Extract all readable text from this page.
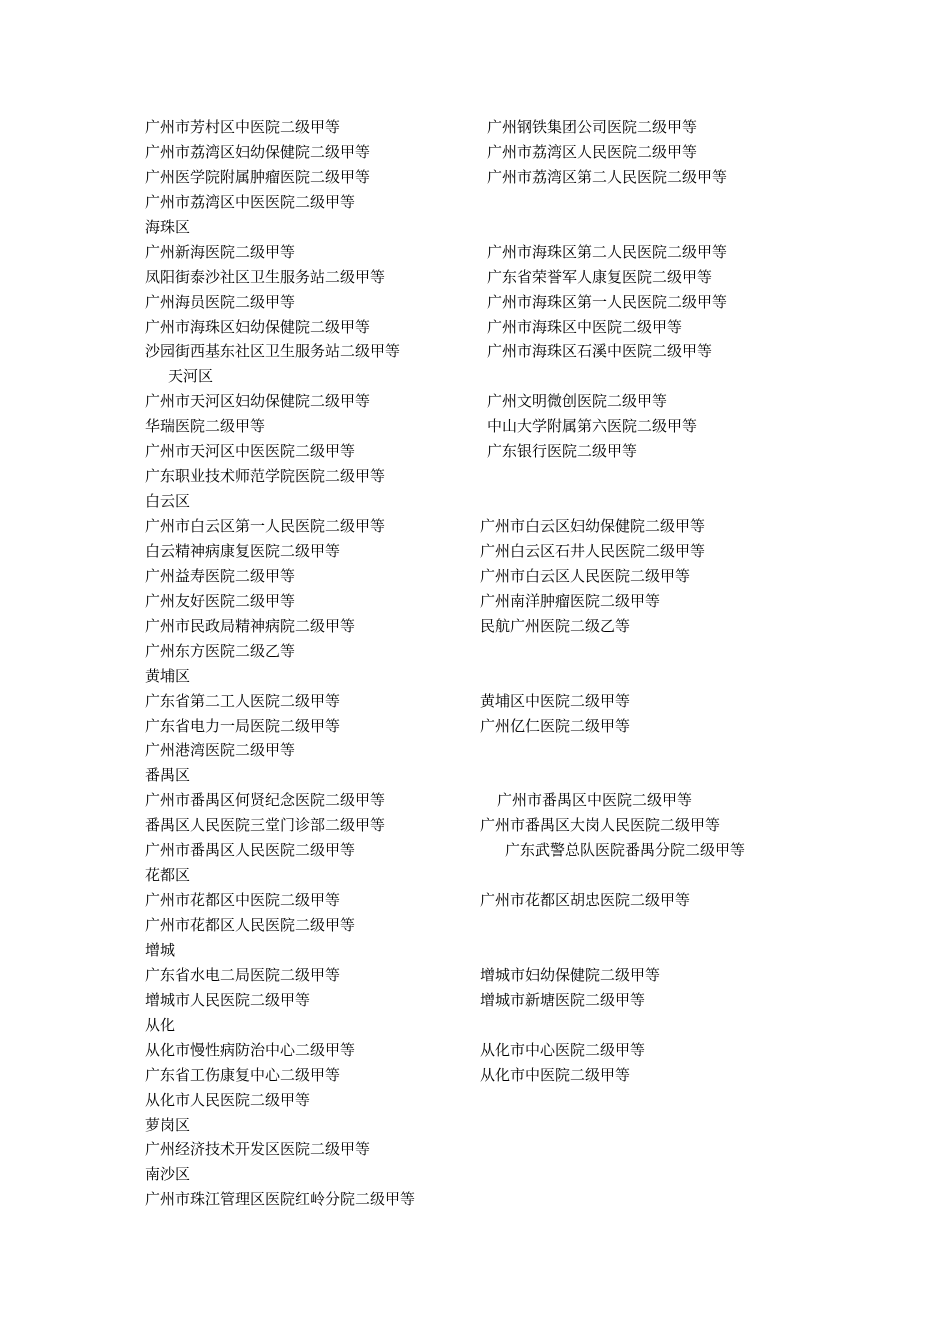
广州市芳村区中医院二级甲等	广州钢铁集团公司医院二级甲等
广州市荔湾区妇幼保健院二级甲等	广州市荔湾区人民医院二级甲等
广州医学院附属肿瘤医院二级甲等	广州市荔湾区第二人民医院二级甲等
广州市荔湾区中医医院二级甲等
海珠区
广州新海医院二级甲等	广州市海珠区第二人民医院二级甲等
凤阳街泰沙社区卫生服务站二级甲等	广东省荣誉军人康复医院二级甲等
广州海员医院二级甲等	广州市海珠区第一人民医院二级甲等
广州市海珠区妇幼保健院二级甲等	广州市海珠区中医院二级甲等
沙园街西基东社区卫生服务站二级甲等	广州市海珠区石溪中医院二级甲等
天河区
广州市天河区妇幼保健院二级甲等	广州文明微创医院二级甲等
华瑞医院二级甲等	中山大学附属第六医院二级甲等
广州市天河区中医医院二级甲等	广东银行医院二级甲等
广东职业技术师范学院医院二级甲等
白云区
广州市白云区第一人民医院二级甲等	广州市白云区妇幼保健院二级甲等
白云精神病康复医院二级甲等	广州白云区石井人民医院二级甲等
广州益寿医院二级甲等	广州市白云区人民医院二级甲等
广州友好医院二级甲等	广州南洋肿瘤医院二级甲等
广州市民政局精神病院二级甲等	民航广州医院二级乙等
广州东方医院二级乙等
黄埔区
广东省第二工人医院二级甲等	黄埔区中医院二级甲等
广东省电力一局医院二级甲等	广州亿仁医院二级甲等
广州港湾医院二级甲等
番禺区
广州市番禺区何贤纪念医院二级甲等	广州市番禺区中医院二级甲等
番禺区人民医院三堂门诊部二级甲等	广州市番禺区大岗人民医院二级甲等
广州市番禺区人民医院二级甲等	广东武警总队医院番禺分院二级甲等
花都区
广州市花都区中医院二级甲等	广州市花都区胡忠医院二级甲等
广州市花都区人民医院二级甲等
增城
广东省水电二局医院二级甲等	增城市妇幼保健院二级甲等
增城市人民医院二级甲等	增城市新塘医院二级甲等
从化
从化市慢性病防治中心二级甲等	从化市中心医院二级甲等
广东省工伤康复中心二级甲等	从化市中医院二级甲等
从化市人民医院二级甲等
萝岗区
广州经济技术开发区医院二级甲等
南沙区
广州市珠江管理区医院红岭分院二级甲等
